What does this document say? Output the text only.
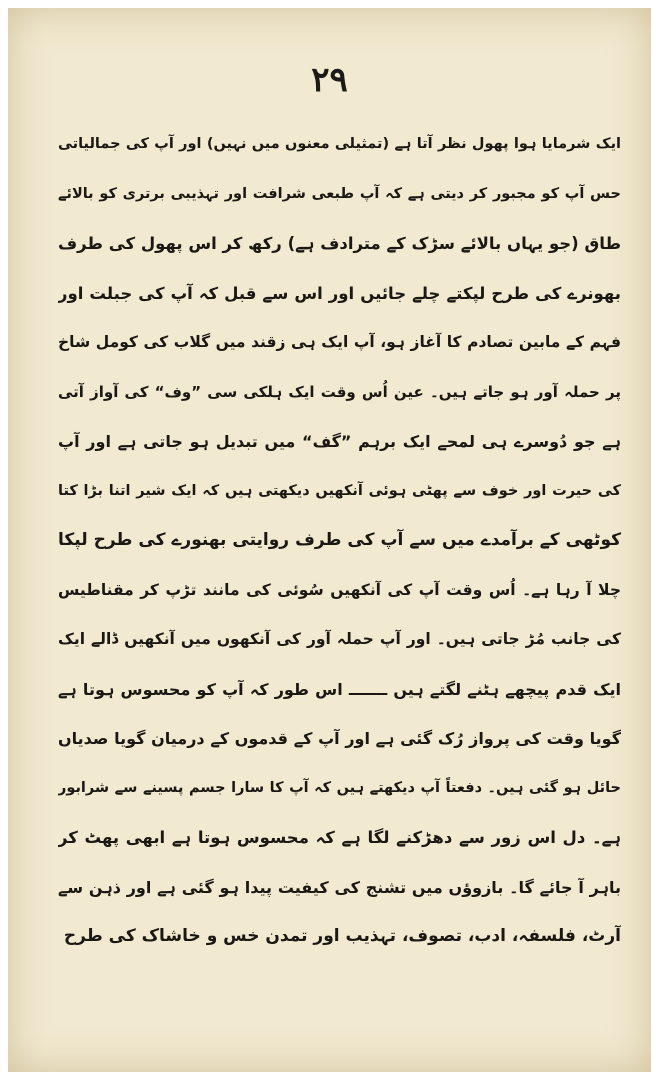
۲۹
ایک شرمایا ہوا پھول نظر آتا ہے (تمثیلی معنوں میں نہیں) اور آپ کی جمالیاتی
حس آپ کو مجبور کر دیتی ہے کہ آپ طبعی شرافت اور تہذیبی برتری کو بالائے
طاق (جو یہاں بالائے سڑک کے مترادف ہے) رکھ کر اس پھول کی طرف
بھونرے کی طرح لپکتے چلے جائیں اور اس سے قبل کہ آپ کی جبلت اور
فہم کے مابین تصادم کا آغاز ہو، آپ ایک ہی زقند میں گلاب کی کومل شاخ
پر حملہ آور ہو جاتے ہیں۔ عین اُس وقت ایک ہلکی سی ”وف“ کی آواز آتی
ہے جو دُوسرے ہی لمحے ایک برہم ”گف“ میں تبدیل ہو جاتی ہے اور آپ
کی حیرت اور خوف سے پھٹی ہوئی آنکھیں دیکھتی ہیں کہ ایک شیر اتنا بڑا کتا
کوٹھی کے برآمدے میں سے آپ کی طرف روایتی بھنورے کی طرح لپکا
چلا آ رہا ہے۔ اُس وقت آپ کی آنکھیں سُوئی کی مانند تڑپ کر مقناطیس
کی جانب مُڑ جاتی ہیں۔ اور آپ حملہ آور کی آنکھوں میں آنکھیں ڈالے ایک
ایک قدم پیچھے ہٹنے لگتے ہیں ـــــــ اس طور کہ آپ کو محسوس ہوتا ہے
گویا وقت کی پرواز رُک گئی ہے اور آپ کے قدموں کے درمیان گویا صدیاں
حائل ہو گئی ہیں۔ دفعتاً آپ دیکھتے ہیں کہ آپ کا سارا جسم پسینے سے شرابور
ہے۔ دل اس زور سے دھڑکنے لگا ہے کہ محسوس ہوتا ہے ابھی پھٹ کر
باہر آ جائے گا۔ بازوؤں میں تشنج کی کیفیت پیدا ہو گئی ہے اور ذہن سے
آرٹ، فلسفہ، ادب، تصوف، تہذیب اور تمدن خس و خاشاک کی طرح
